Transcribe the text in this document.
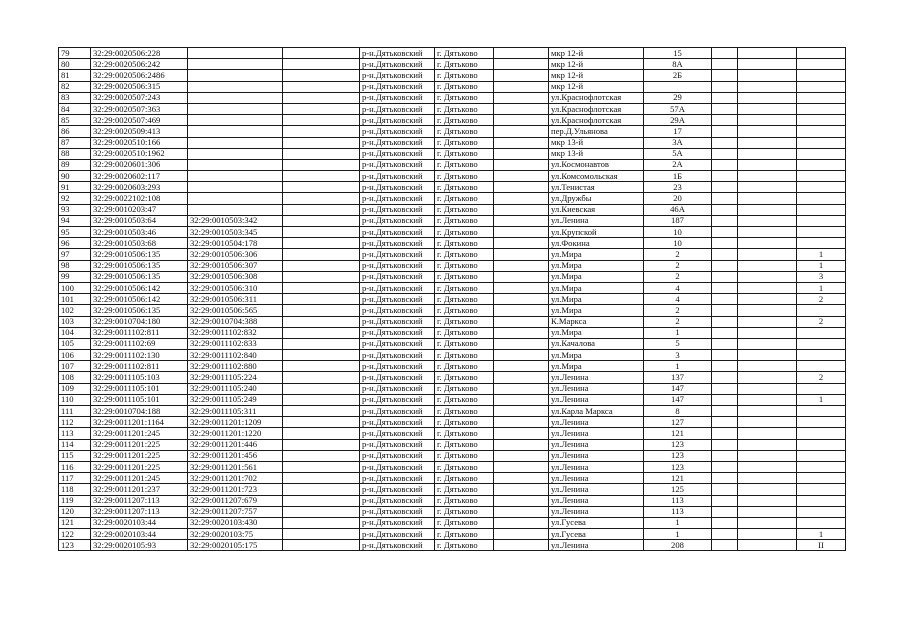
79	32:29:0020506:228			р-н.Дятьковский	г. Дятьково		мкр 12-й	15			
80	32:29:0020506:242			р-н.Дятьковский	г. Дятьково		мкр 12-й	8А			
81	32:29:0020506:2486			р-н.Дятьковский	г. Дятьково		мкр 12-й	2Б			
82	32:29:0020506:315			р-н.Дятьковский	г. Дятьково		мкр 12-й				
83	32:29:0020507:243			р-н.Дятьковский	г. Дятьково		ул.Краснофлотская	29			
84	32:29:0020507:363			р-н.Дятьковский	г. Дятьково		ул.Краснофлотская	57А			
85	32:29:0020507:469			р-н.Дятьковский	г. Дятьково		ул.Краснофлотская	29А			
86	32:29:0020509:413			р-н.Дятьковский	г. Дятьково		пер.Д.Ульянова	17			
87	32:29:0020510:166			р-н.Дятьковский	г. Дятьково		мкр 13-й	3А			
88	32:29:0020510:1962			р-н.Дятьковский	г. Дятьково		мкр 13-й	5А			
89	32:29:0020601:306			р-н.Дятьковский	г. Дятьково		ул.Космонавтов	2А			
90	32:29:0020602:117			р-н.Дятьковский	г. Дятьково		ул.Комсомольская	1Б			
91	32:29:0020603:293			р-н.Дятьковский	г. Дятьково		ул.Тенистая	23			
92	32:29:0022102:108			р-н.Дятьковский	г. Дятьково		ул.Дружбы	20			
93	32:29:0010203:47			р-н.Дятьковский	г. Дятьково		ул.Киевская	46А			
94	32:29:0010503:64	32:29:0010503:342		р-н.Дятьковский	г. Дятьково		ул.Ленина	187			
95	32:29:0010503:46	32:29:0010503:345		р-н.Дятьковский	г. Дятьково		ул.Крупской	10			
96	32:29:0010503:68	32:29:0010504:178		р-н.Дятьковский	г. Дятьково		ул.Фокина	10			
97	32:29:0010506:135	32:29:0010506:306		р-н.Дятьковский	г. Дятьково		ул.Мира	2			1
98	32:29:0010506:135	32:29:0010506:307		р-н.Дятьковский	г. Дятьково		ул.Мира	2			1
99	32:29:0010506:135	32:29:0010506:308		р-н.Дятьковский	г. Дятьково		ул.Мира	2			3
100	32:29:0010506:142	32:29:0010506:310		р-н.Дятьковский	г. Дятьково		ул.Мира	4			1
101	32:29:0010506:142	32:29:0010506:311		р-н.Дятьковский	г. Дятьково		ул.Мира	4			2
102	32:29:0010506:135	32:29:0010506:565		р-н.Дятьковский	г. Дятьково		ул.Мира	2			
103	32:29:0010704:180	32:29:0010704:388		р-н.Дятьковский	г. Дятьково		К.Маркса	2			2
104	32:29:0011102:811	32:29:0011102:832		р-н.Дятьковский	г. Дятьково		ул.Мира	1			
105	32:29:0011102:69	32:29:0011102:833		р-н.Дятьковский	г. Дятьково		ул.Качалова	5			
106	32:29:0011102:130	32:29:0011102:840		р-н.Дятьковский	г. Дятьково		ул.Мира	3			
107	32:29:0011102:811	32:29:0011102:880		р-н.Дятьковский	г. Дятьково		ул.Мира	1			
108	32:29:0011105:103	32:29:0011105:224		р-н.Дятьковский	г. Дятьково		ул.Ленина	137			2
109	32:29:0011105:101	32:29:0011105:240		р-н.Дятьковский	г. Дятьково		ул.Ленина	147			
110	32:29:0011105:101	32:29:0011105:249		р-н.Дятьковский	г. Дятьково		ул.Ленина	147			1
111	32:29:0010704:188	32:29:0011105:311		р-н.Дятьковский	г. Дятьково		ул.Карла Маркса	8			
112	32:29:0011201:1164	32:29:0011201:1209		р-н.Дятьковский	г. Дятьково		ул.Ленина	127			
113	32:29:0011201:245	32:29:0011201:1220		р-н.Дятьковский	г. Дятьково		ул.Ленина	121			
114	32:29:0011201:225	32:29:0011201:446		р-н.Дятьковский	г. Дятьково		ул.Ленина	123			
115	32:29:0011201:225	32:29:0011201:456		р-н.Дятьковский	г. Дятьково		ул.Ленина	123			
116	32:29:0011201:225	32:29:0011201:561		р-н.Дятьковский	г. Дятьково		ул.Ленина	123			
117	32:29:0011201:245	32:29:0011201:702		р-н.Дятьковский	г. Дятьково		ул.Ленина	121			
118	32:29:0011201:237	32:29:0011201:723		р-н.Дятьковский	г. Дятьково		ул.Ленина	125			
119	32:29:0011207:113	32:29:0011207:679		р-н.Дятьковский	г. Дятьково		ул.Ленина	113			
120	32:29:0011207:113	32:29:0011207:757		р-н.Дятьковский	г. Дятьково		ул.Ленина	113			
121	32:29:0020103:44	32:29:0020103:430		р-н.Дятьковский	г. Дятьково		ул.Гусева	1			
122	32:29:0020103:44	32:29:0020103:75		р-н.Дятьковский	г. Дятьково		ул.Гусева	1			1
123	32:29:0020105:93	32:29:0020105:175		р-н.Дятьковский	г. Дятьково		ул.Ленина	208			II
